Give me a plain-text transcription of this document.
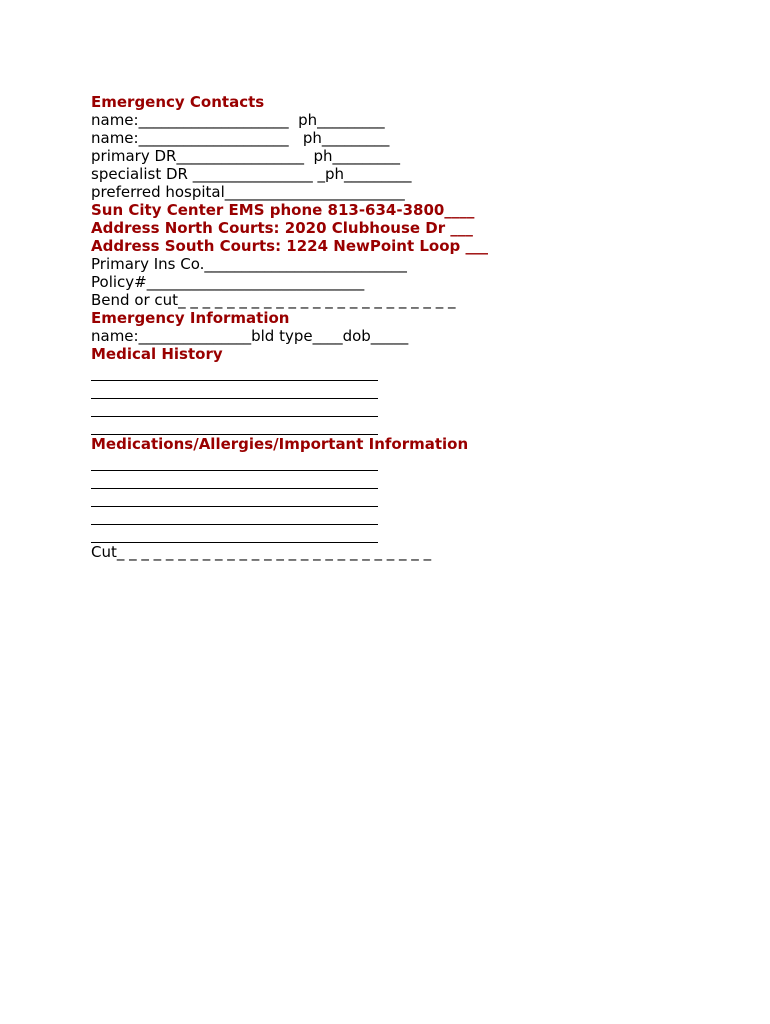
Emergency Contacts
name:____________________  ph_________
name:____________________   ph_________
primary DR_________________  ph_________
specialist DR ________________ _ph_________
preferred hospital________________________
Sun City Center EMS phone 813-634-3800____
Address North Courts: 2020 Clubhouse Dr ___
Address South Courts: 1224 NewPoint Loop ___
Primary Ins Co.___________________________
Policy#_____________________________
Bend or cut_ _ _ _ _ _ _ _ _ _ _ _ _ _ _ _ _ _ _ _ _ _ _
Emergency Information
name:_______________bld type____dob_____
Medical History
Medications/Allergies/Important Information
Cut_ _ _ _ _ _ _ _ _ _ _ _ _ _ _ _ _ _ _ _ _ _ _ _ _ _
